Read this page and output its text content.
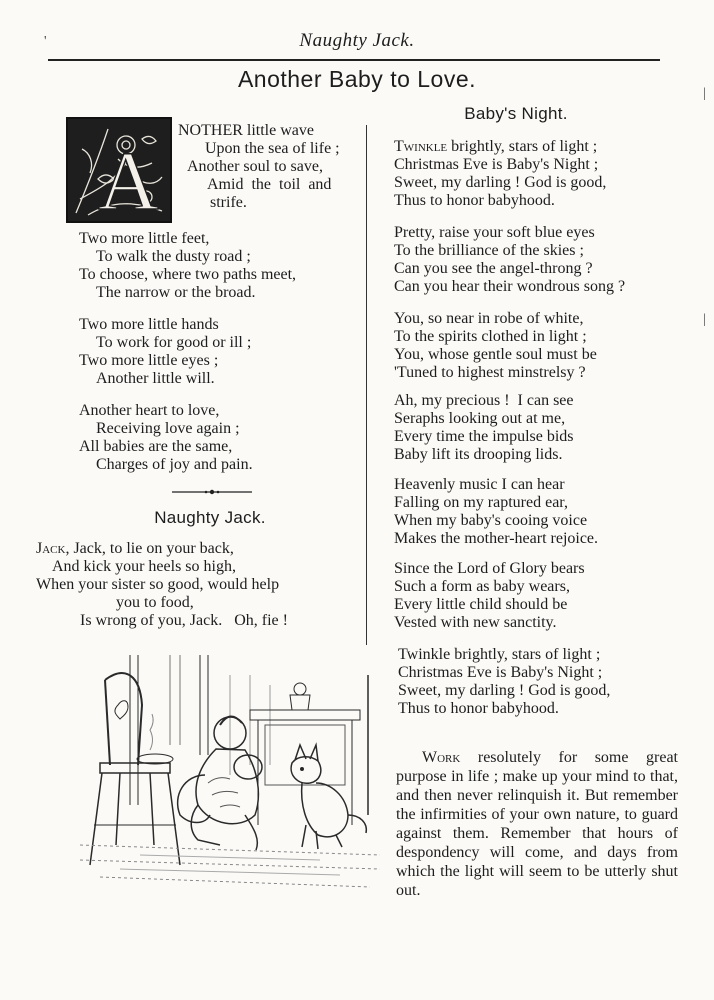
'	Naughty Jack.
Another Baby to Love.
A
NOTHER little wave
Upon the sea of life ;
Another soul to save,
Amid the toil and
strife.
Two more little feet,
To walk the dusty road ;
To choose, where two paths meet,
The narrow or the broad.
Two more little hands
To work for good or ill ;
Two more little eyes ;
Another little will.
Another heart to love,
Receiving love again ;
All babies are the same,
Charges of joy and pain.
Naughty Jack.
Jack, Jack, to lie on your back,
And kick your heels so high,
When your sister so good, would help
you to food,
Is wrong of you, Jack.   Oh, fie !
Baby's Night.
Twinkle brightly, stars of light ;
Christmas Eve is Baby's Night ;
Sweet, my darling ! God is good,
Thus to honor babyhood.
Pretty, raise your soft blue eyes
To the brilliance of the skies ;
Can you see the angel-throng ?
Can you hear their wondrous song ?
You, so near in robe of white,
To the spirits clothed in light ;
You, whose gentle soul must be
'Tuned to highest minstrelsy ?
Ah, my precious !  I can see
Seraphs looking out at me,
Every time the impulse bids
Baby lift its drooping lids.
Heavenly music I can hear
Falling on my raptured ear,
When my baby's cooing voice
Makes the mother-heart rejoice.
Since the Lord of Glory bears
Such a form as baby wears,
Every little child should be
Vested with new sanctity.
Twinkle brightly, stars of light ;
Christmas Eve is Baby's Night ;
Sweet, my darling ! God is good,
Thus to honor babyhood.
Work resolutely for some great purpose in life ; make up your mind to that, and then never relinquish it. But remember the infirmities of your own nature, to guard against them. Remember that hours of despondency will come, and days from which the light will seem to be utterly shut out.
|
|
